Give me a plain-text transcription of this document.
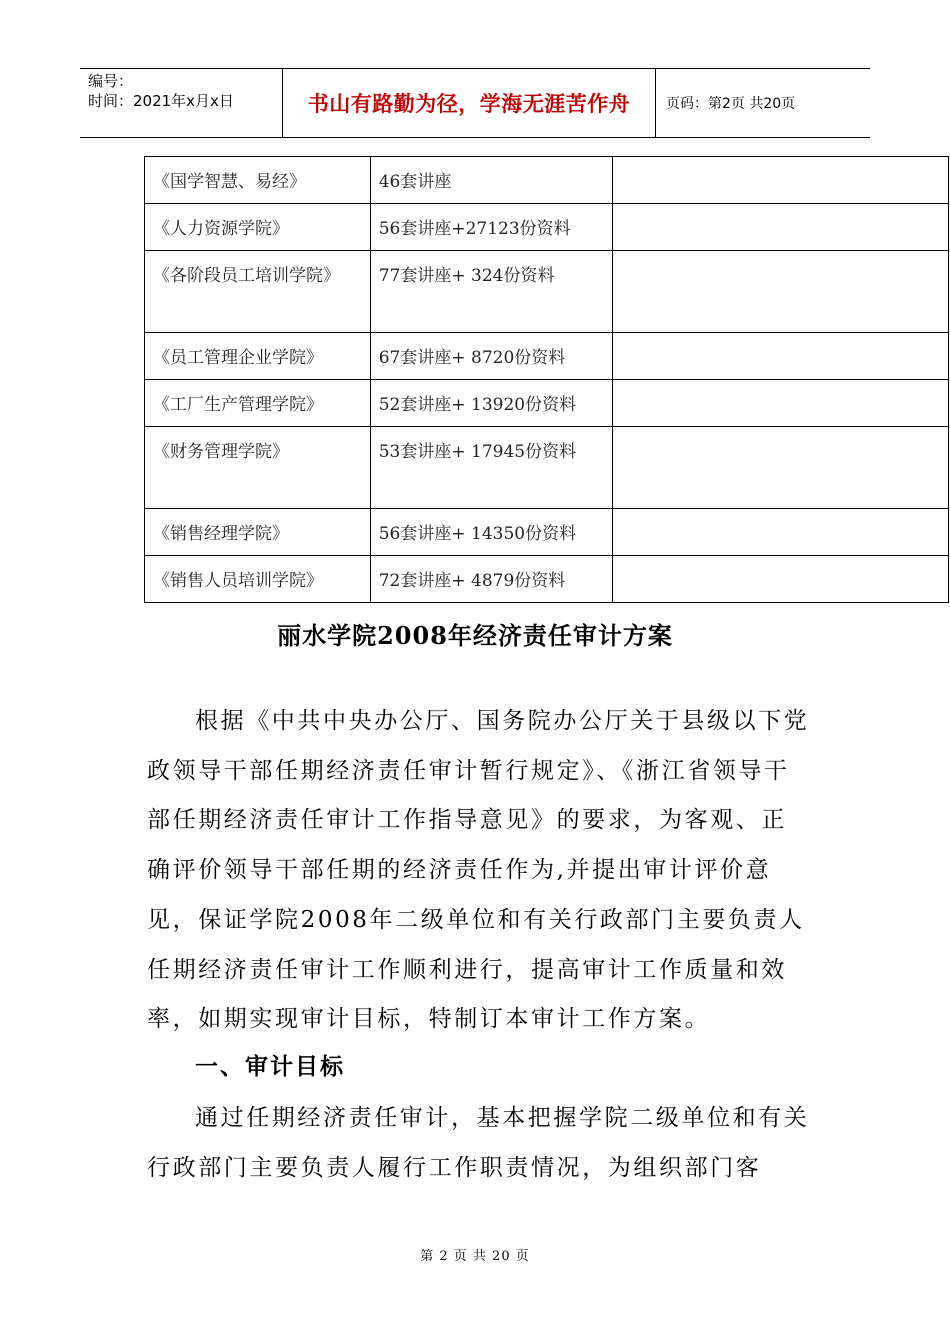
编号：
时间：2021年x月x日	书山有路勤为径，学海无涯苦作舟	页码：第2页 共20页
《国学智慧、易经》	46套讲座	
《人力资源学院》	56套讲座+27123份资料	
《各阶段员工培训学院》	77套讲座+ 324份资料	
《员工管理企业学院》	67套讲座+ 8720份资料	
《工厂生产管理学院》	52套讲座+ 13920份资料	
《财务管理学院》	53套讲座+ 17945份资料	
《销售经理学院》	56套讲座+ 14350份资料	
《销售人员培训学院》	72套讲座+ 4879份资料	
丽水学院2008年经济责任审计方案
根据《中共中央办公厅、国务院办公厅关于县级以下党政领导干部任期经济责任审计暂行规定》、《浙江省领导干部任期经济责任审计工作指导意见》的要求，为客观、正确评价领导干部任期的经济责任作为,并提出审计评价意见，保证学院2008年二级单位和有关行政部门主要负责人任期经济责任审计工作顺利进行，提高审计工作质量和效率，如期实现审计目标，特制订本审计工作方案。
一、审计目标
通过任期经济责任审计，基本把握学院二级单位和有关行政部门主要负责人履行工作职责情况，为组织部门客
第 2 页 共 20 页
